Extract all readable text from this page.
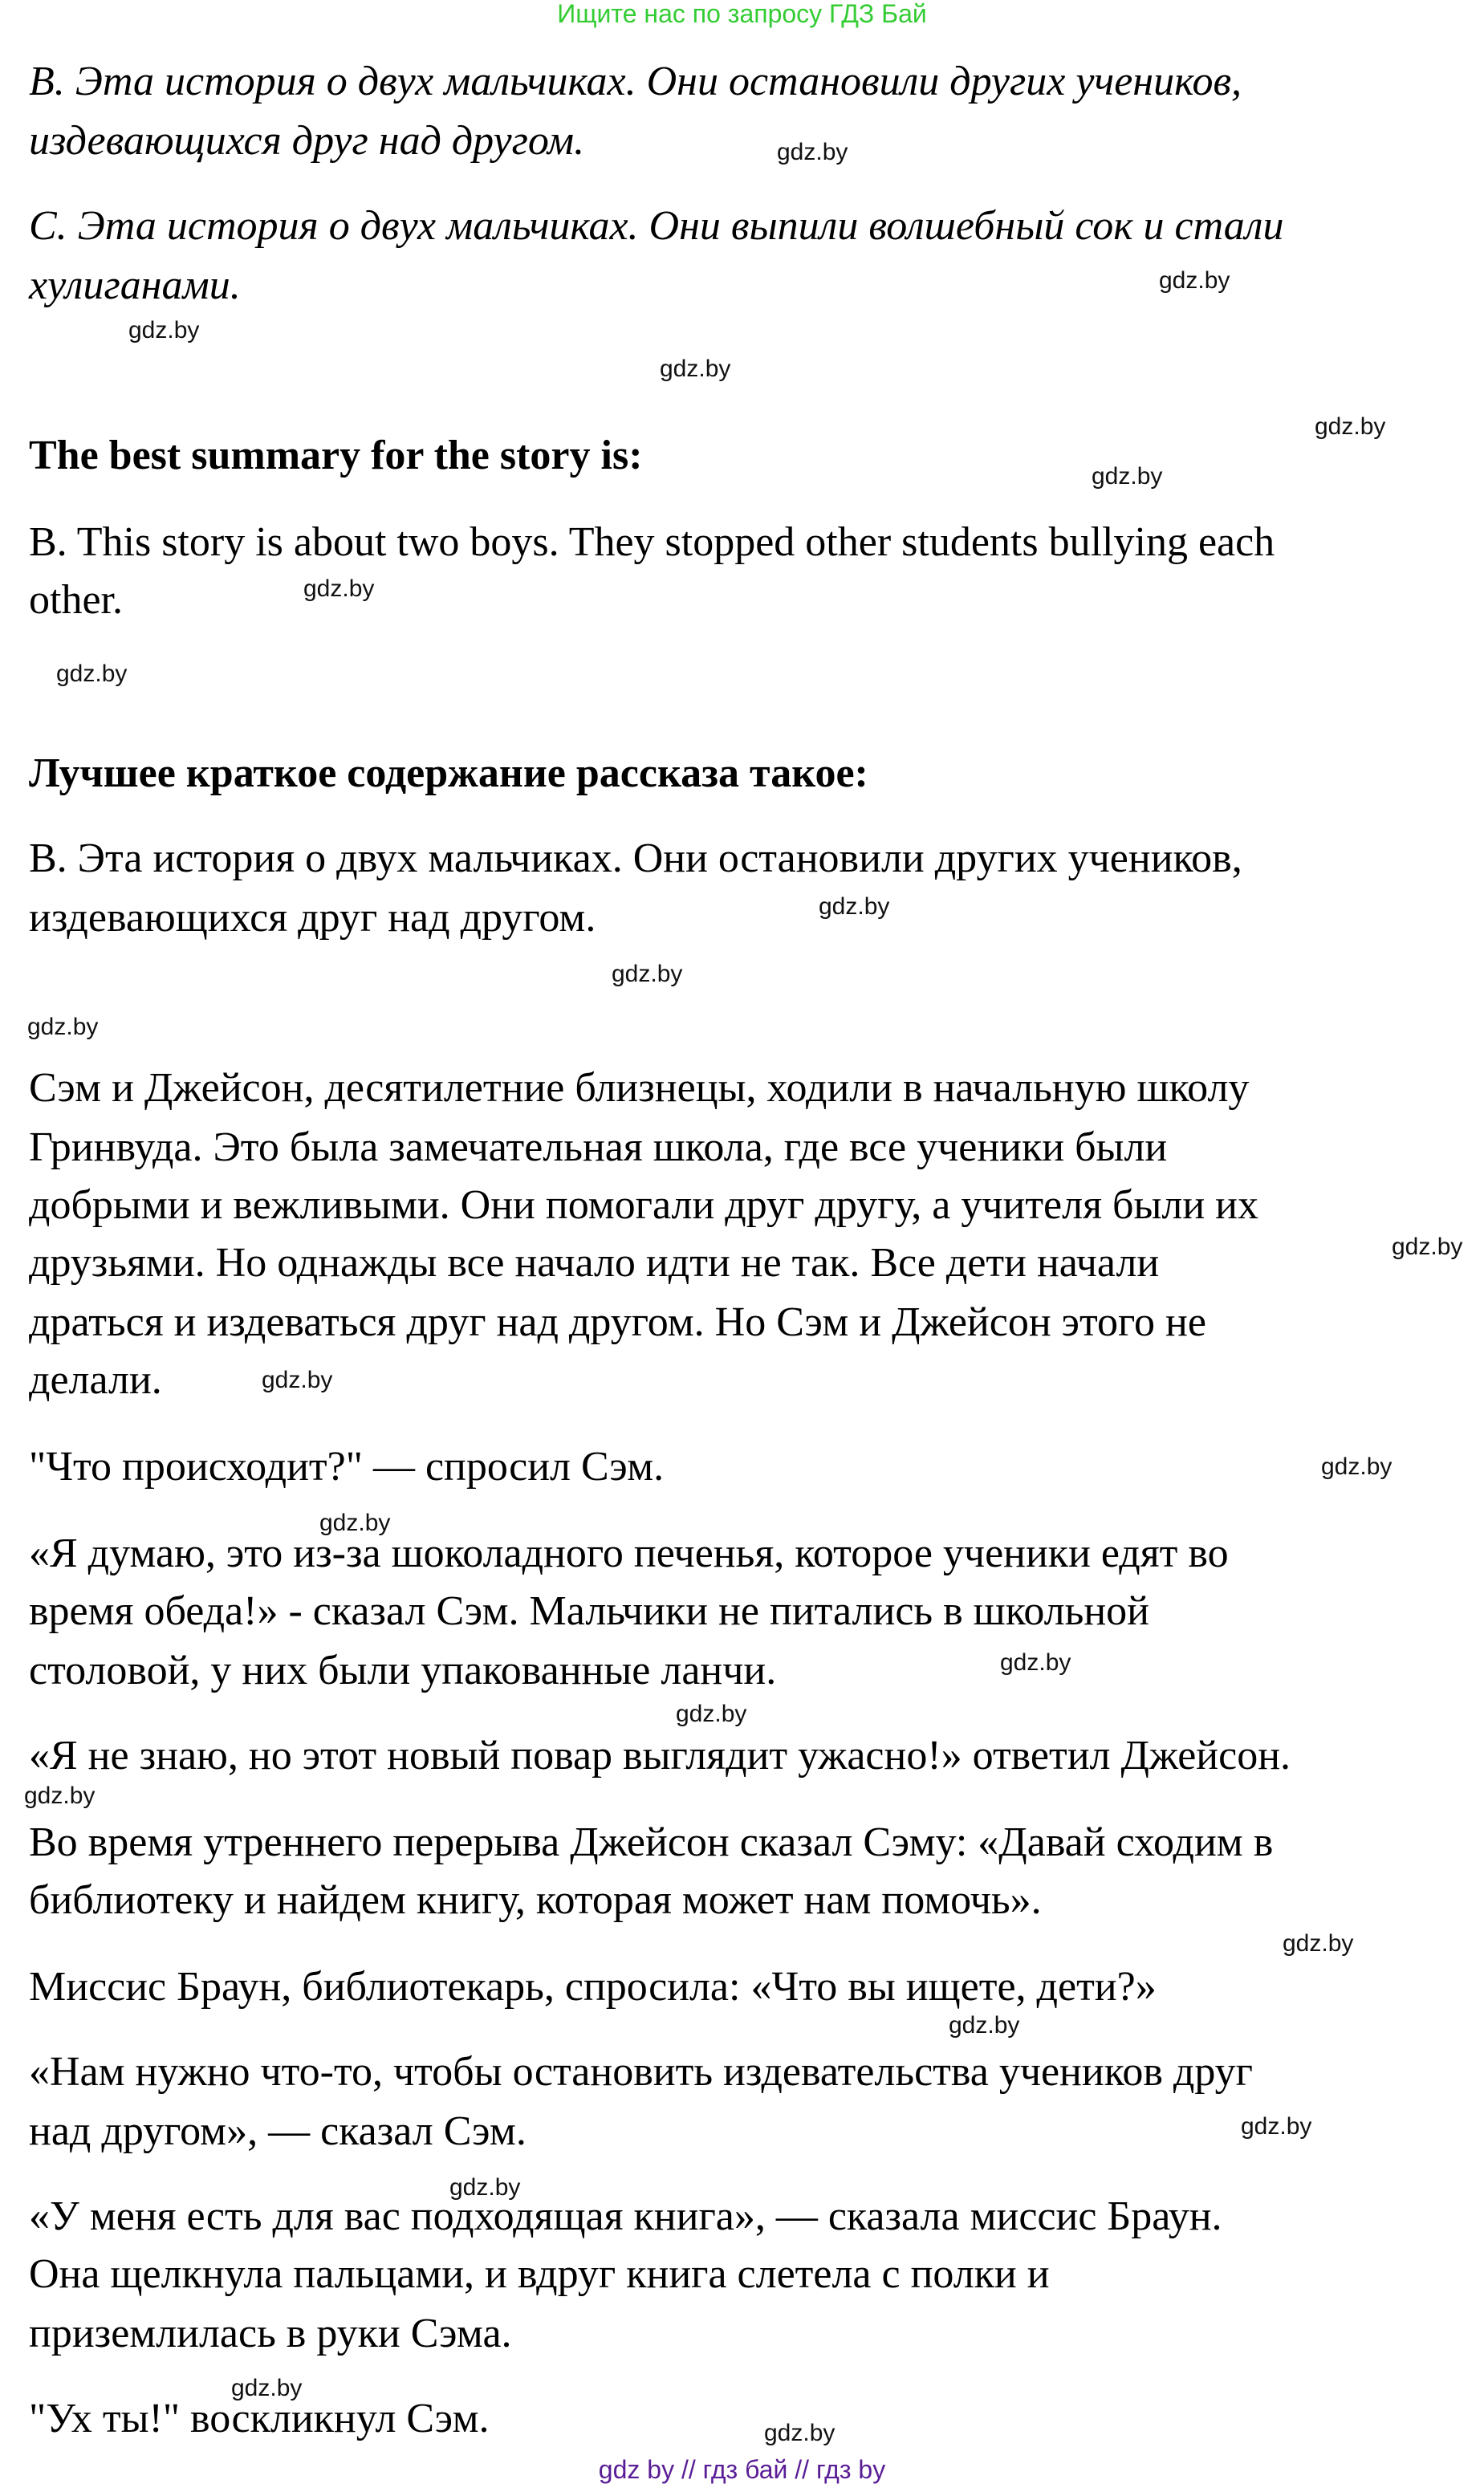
Ищите нас по запросу ГДЗ Бай
В. Эта история о двух мальчиках. Они остановили других учеников,
издевающихся друг над другом.
С. Эта история о двух мальчиках. Они выпили волшебный сок и стали
хулиганами.
The best summary for the story is:
B. This story is about two boys. They stopped other students bullying each
other.
Лучшее краткое содержание рассказа такое:
В. Эта история о двух мальчиках. Они остановили других учеников,
издевающихся друг над другом.
Сэм и Джейсон, десятилетние близнецы, ходили в начальную школу
Гринвуда. Это была замечательная школа, где все ученики были
добрыми и вежливыми. Они помогали друг другу, а учителя были их
друзьями. Но однажды все начало идти не так. Все дети начали
драться и издеваться друг над другом. Но Сэм и Джейсон этого не
делали.
"Что происходит?" — спросил Сэм.
«Я думаю, это из-за шоколадного печенья, которое ученики едят во
время обеда!» - сказал Сэм. Мальчики не питались в школьной
столовой, у них были упакованные ланчи.
«Я не знаю, но этот новый повар выглядит ужасно!» ответил Джейсон.
Во время утреннего перерыва Джейсон сказал Сэму: «Давай сходим в
библиотеку и найдем книгу, которая может нам помочь».
Миссис Браун, библиотекарь, спросила: «Что вы ищете, дети?»
«Нам нужно что-то, чтобы остановить издевательства учеников друг
над другом», — сказал Сэм.
«У меня есть для вас подходящая книга», — сказала миссис Браун.
Она щелкнула пальцами, и вдруг книга слетела с полки и
приземлилась в руки Сэма.
"Ух ты!" воскликнул Сэм.
gdz.by
gdz.by
gdz.by
gdz.by
gdz.by
gdz.by
gdz.by
gdz.by
gdz.by
gdz.by
gdz.by
gdz.by
gdz.by
gdz.by
gdz.by
gdz.by
gdz.by
gdz.by
gdz.by
gdz.by
gdz.by
gdz.by
gdz.by
gdz.by
gdz by // гдз бай // гдз by
